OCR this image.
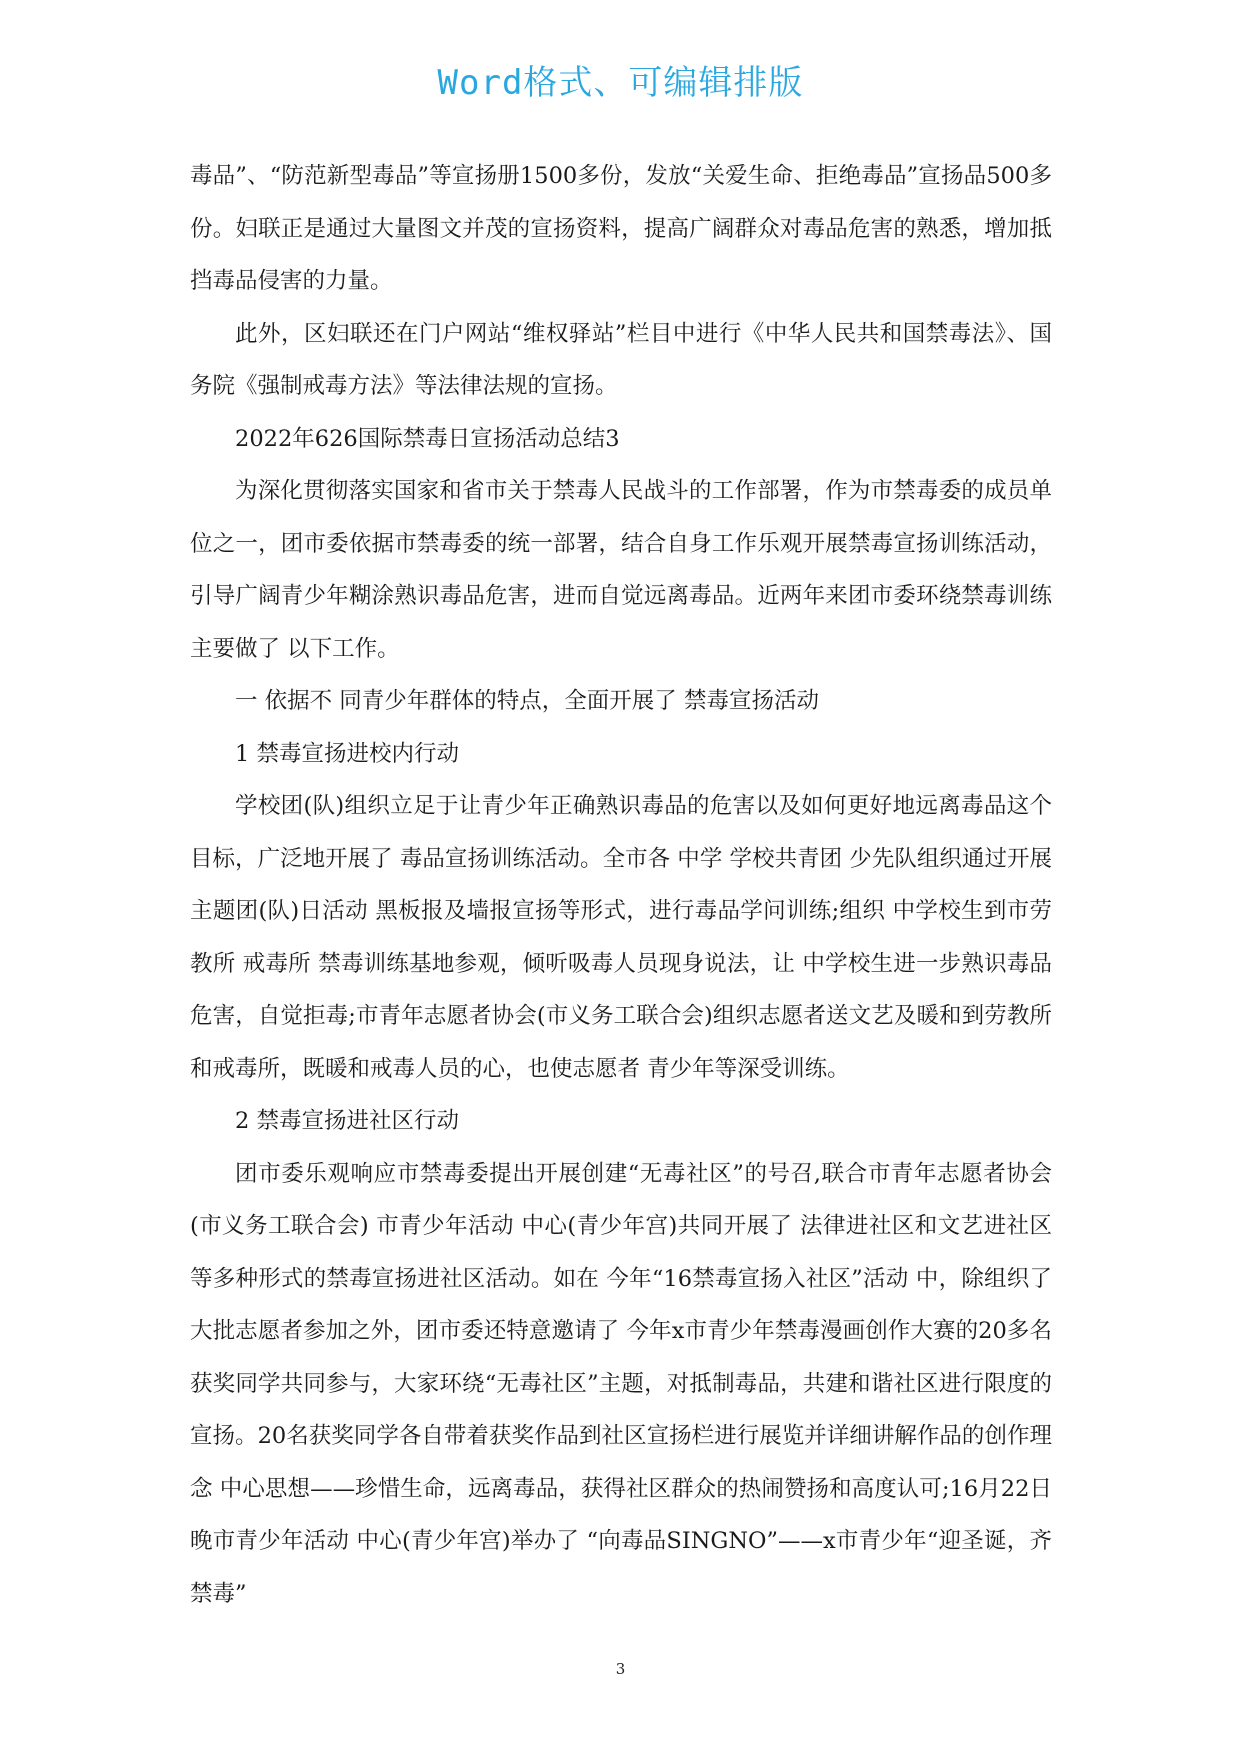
Word格式、可编辑排版

毒品”、“防范新型毒品”等宣扬册1500多份，发放“关爱生命、拒绝毒品”宣扬品500多份。妇联正是通过大量图文并茂的宣扬资料，提高广阔群众对毒品危害的熟悉，增加抵挡毒品侵害的力量。

此外，区妇联还在门户网站“维权驿站”栏目中进行《中华人民共和国禁毒法》、国务院《强制戒毒方法》等法律法规的宣扬。

2022年626国际禁毒日宣扬活动总结3

为深化贯彻落实国家和省市关于禁毒人民战斗的工作部署，作为市禁毒委的成员单位之一，团市委依据市禁毒委的统一部署，结合自身工作乐观开展禁毒宣扬训练活动，引导广阔青少年糊涂熟识毒品危害，进而自觉远离毒品。近两年来团市委环绕禁毒训练主要做了 以下工作。

一 依据不 同青少年群体的特点，全面开展了 禁毒宣扬活动

1 禁毒宣扬进校内行动

学校团(队)组织立足于让青少年正确熟识毒品的危害以及如何更好地远离毒品这个目标，广泛地开展了 毒品宣扬训练活动。全市各 中学 学校共青团 少先队组织通过开展主题团(队)日活动 黑板报及墙报宣扬等形式，进行毒品学问训练;组织 中学校生到市劳教所 戒毒所 禁毒训练基地参观，倾听吸毒人员现身说法，让 中学校生进一步熟识毒品危害，自觉拒毒;市青年志愿者协会(市义务工联合会)组织志愿者送文艺及暖和到劳教所和戒毒所，既暖和戒毒人员的心，也使志愿者 青少年等深受训练。

2 禁毒宣扬进社区行动

团市委乐观响应市禁毒委提出开展创建“无毒社区”的号召,联合市青年志愿者协会(市义务工联合会) 市青少年活动 中心(青少年宫)共同开展了 法律进社区和文艺进社区等多种形式的禁毒宣扬进社区活动。如在 今年“16禁毒宣扬入社区”活动 中，除组织了 大批志愿者参加之外，团市委还特意邀请了 今年x市青少年禁毒漫画创作大赛的20多名获奖同学共同参与，大家环绕“无毒社区”主题，对抵制毒品，共建和谐社区进行限度的宣扬。20名获奖同学各自带着获奖作品到社区宣扬栏进行展览并详细讲解作品的创作理念 中心思想——珍惜生命，远离毒品，获得社区群众的热闹赞扬和高度认可;16月22日晚市青少年活动 中心(青少年宫)举办了 “向毒品SINGNO”——x市青少年“迎圣诞，齐禁毒”

3
